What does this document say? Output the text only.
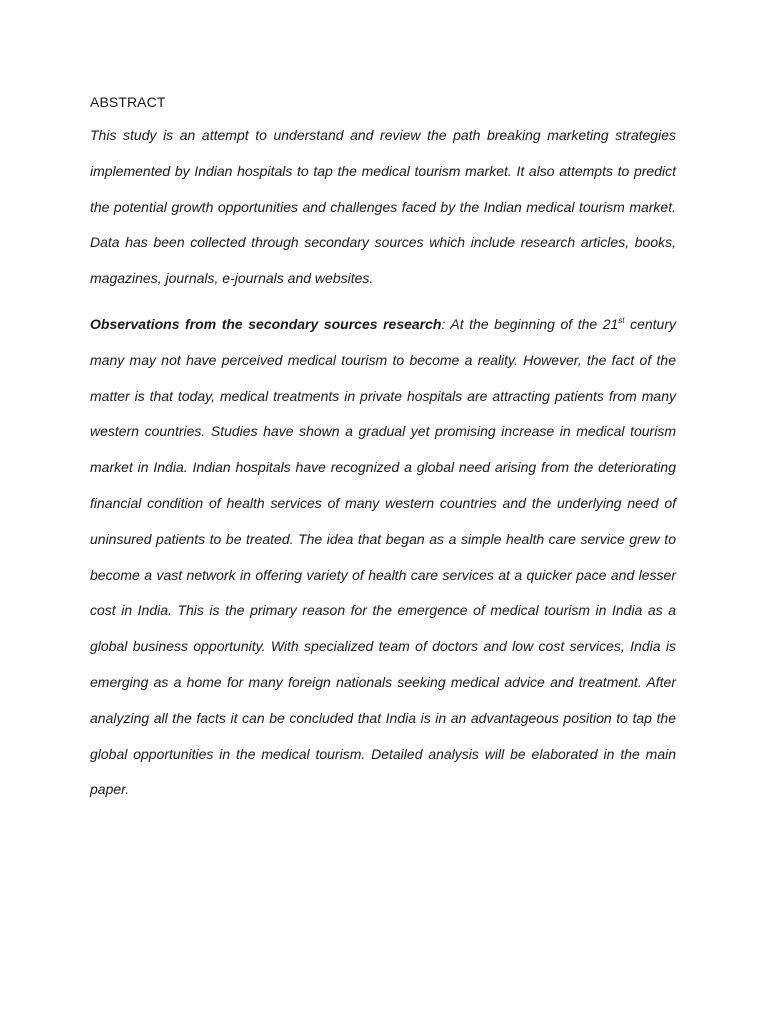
ABSTRACT

This study is an attempt to understand and review the path breaking marketing strategies implemented by Indian hospitals to tap the medical tourism market. It also attempts to predict the potential growth opportunities and challenges faced by the Indian medical tourism market. Data has been collected through secondary sources which include research articles, books, magazines, journals, e-journals and websites.

Observations from the secondary sources research: At the beginning of the 21st century many may not have perceived medical tourism to become a reality. However, the fact of the matter is that today, medical treatments in private hospitals are attracting patients from many western countries. Studies have shown a gradual yet promising increase in medical tourism market in India. Indian hospitals have recognized a global need arising from the deteriorating financial condition of health services of many western countries and the underlying need of uninsured patients to be treated. The idea that began as a simple health care service grew to become a vast network in offering variety of health care services at a quicker pace and lesser cost in India. This is the primary reason for the emergence of medical tourism in India as a global business opportunity. With specialized team of doctors and low cost services, India is emerging as a home for many foreign nationals seeking medical advice and treatment. After analyzing all the facts it can be concluded that India is in an advantageous position to tap the global opportunities in the medical tourism. Detailed analysis will be elaborated in the main paper.
